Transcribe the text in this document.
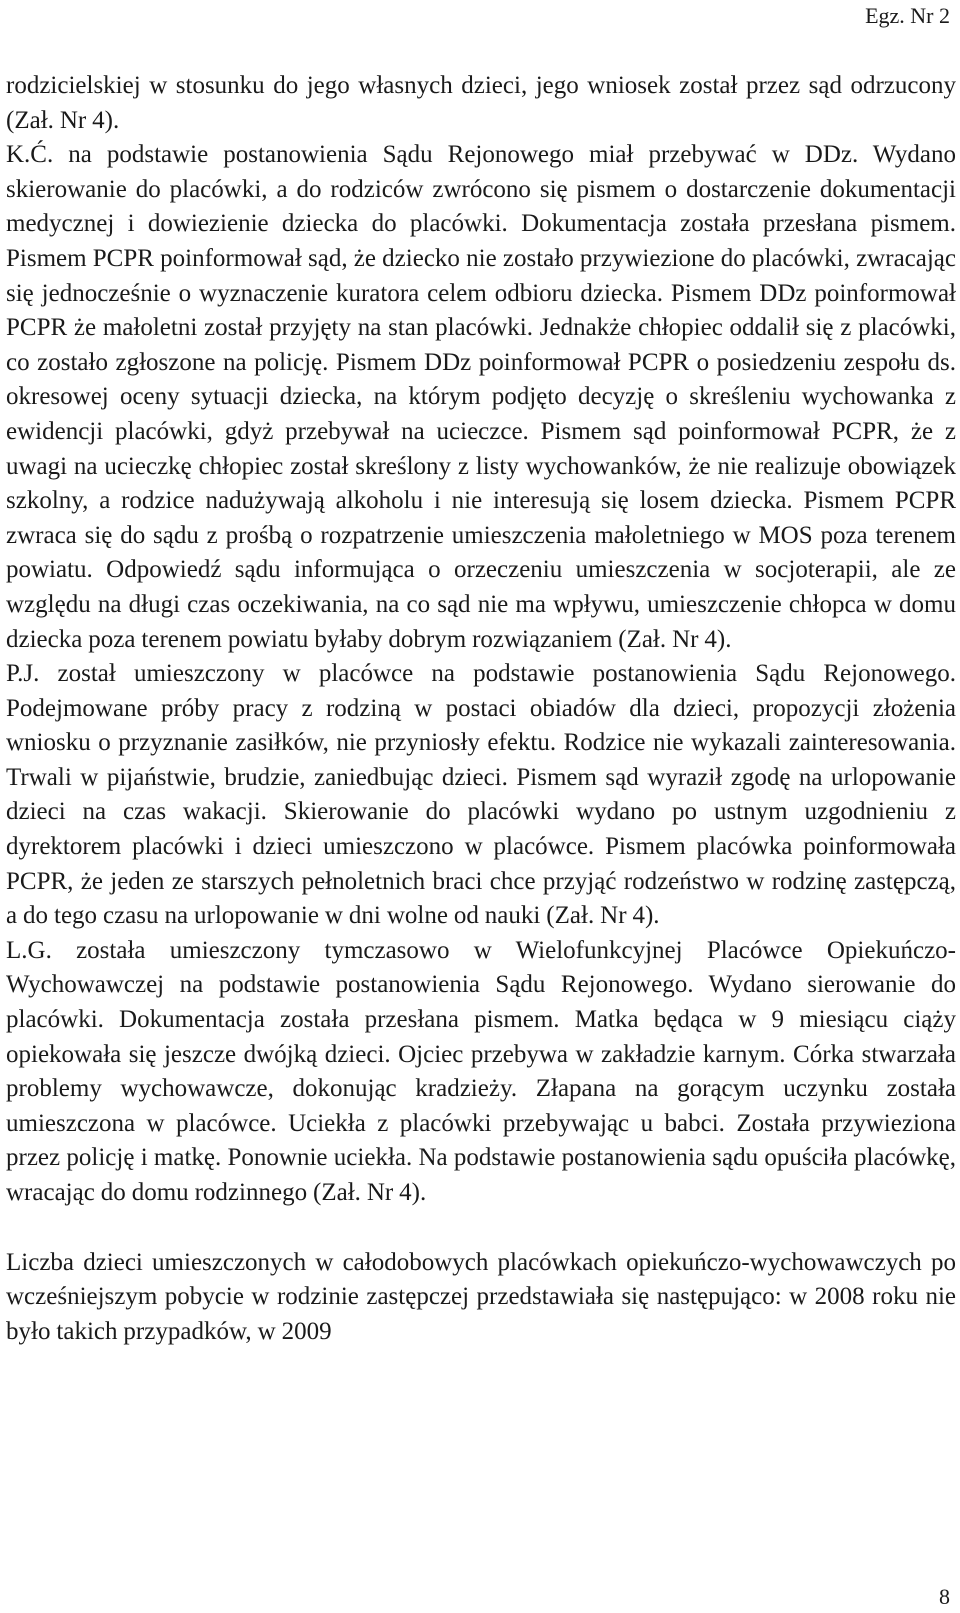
Egz. Nr 2

rodzicielskiej w stosunku do jego własnych dzieci, jego wniosek został przez sąd odrzucony (Zał. Nr 4).

K.Ć. na podstawie postanowienia Sądu Rejonowego miał przebywać w DDz. Wydano skierowanie do placówki, a do rodziców zwrócono się pismem o dostarczenie dokumentacji medycznej i dowiezienie dziecka do placówki. Dokumentacja została przesłana pismem. Pismem PCPR poinformował sąd, że dziecko nie zostało przywiezione do placówki, zwracając się jednocześnie o wyznaczenie kuratora celem odbioru dziecka. Pismem DDz poinformował PCPR że małoletni został przyjęty na stan placówki. Jednakże chłopiec oddalił się z placówki, co zostało zgłoszone na policję. Pismem DDz poinformował PCPR o posiedzeniu zespołu ds. okresowej oceny sytuacji dziecka, na którym podjęto decyzję o skreśleniu wychowanka z ewidencji placówki, gdyż przebywał na ucieczce. Pismem sąd poinformował PCPR, że z uwagi na ucieczkę chłopiec został skreślony z listy wychowanków, że nie realizuje obowiązek szkolny, a rodzice nadużywają alkoholu i nie interesują się losem dziecka. Pismem PCPR zwraca się do sądu z prośbą o rozpatrzenie umieszczenia małoletniego w MOS poza terenem powiatu. Odpowiedź sądu informująca o orzeczeniu umieszczenia w socjoterapii, ale ze względu na długi czas oczekiwania, na co sąd nie ma wpływu, umieszczenie chłopca w domu dziecka poza terenem powiatu byłaby dobrym rozwiązaniem (Zał. Nr 4).

P.J. został umieszczony w placówce na podstawie postanowienia Sądu Rejonowego. Podejmowane próby pracy z rodziną w postaci obiadów dla dzieci, propozycji złożenia wniosku o przyznanie zasiłków, nie przyniosły efektu. Rodzice nie wykazali zainteresowania. Trwali w pijaństwie, brudzie, zaniedbując dzieci. Pismem sąd wyraził zgodę na urlopowanie dzieci na czas wakacji. Skierowanie do placówki wydano po ustnym uzgodnieniu z dyrektorem placówki i dzieci umieszczono w placówce. Pismem placówka poinformowała PCPR, że jeden ze starszych pełnoletnich braci chce przyjąć rodzeństwo w rodzinę zastępczą, a do tego czasu na urlopowanie w dni wolne od nauki (Zał. Nr 4).

L.G. została umieszczony tymczasowo w Wielofunkcyjnej Placówce Opiekuńczo-Wychowawczej na podstawie postanowienia Sądu Rejonowego. Wydano sierowanie do placówki. Dokumentacja została przesłana pismem. Matka będąca w 9 miesiącu ciąży opiekowała się jeszcze dwójką dzieci. Ojciec przebywa w zakładzie karnym. Córka stwarzała problemy wychowawcze, dokonując kradzieży. Złapana na gorącym uczynku została umieszczona w placówce. Uciekła z placówki przebywając u babci. Została przywieziona przez policję i matkę. Ponownie uciekła. Na podstawie postanowienia sądu opuściła placówkę, wracając do domu rodzinnego (Zał. Nr 4).

Liczba dzieci umieszczonych w całodobowych placówkach opiekuńczo-wychowawczych po wcześniejszym pobycie w rodzinie zastępczej przedstawiała się następująco: w 2008 roku nie było takich przypadków, w 2009

8
